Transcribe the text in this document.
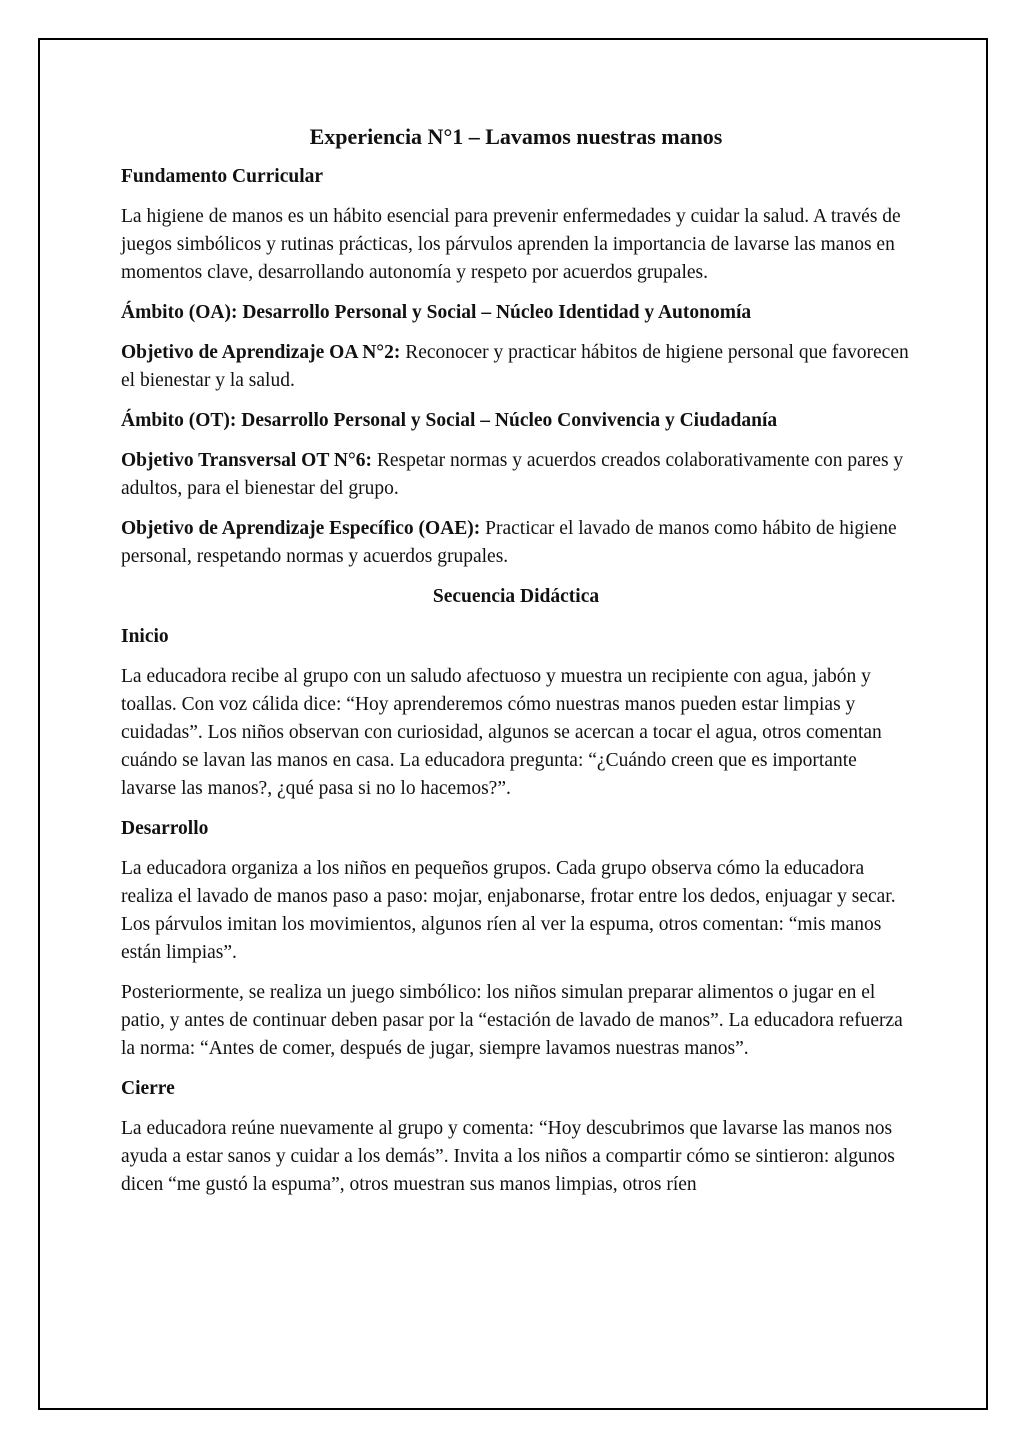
Experiencia N°1 – Lavamos nuestras manos
Fundamento Curricular
La higiene de manos es un hábito esencial para prevenir enfermedades y cuidar la salud. A través de juegos simbólicos y rutinas prácticas, los párvulos aprenden la importancia de lavarse las manos en momentos clave, desarrollando autonomía y respeto por acuerdos grupales.
Ámbito (OA): Desarrollo Personal y Social – Núcleo Identidad y Autonomía
Objetivo de Aprendizaje OA N°2: Reconocer y practicar hábitos de higiene personal que favorecen el bienestar y la salud.
Ámbito (OT): Desarrollo Personal y Social – Núcleo Convivencia y Ciudadanía
Objetivo Transversal OT N°6: Respetar normas y acuerdos creados colaborativamente con pares y adultos, para el bienestar del grupo.
Objetivo de Aprendizaje Específico (OAE): Practicar el lavado de manos como hábito de higiene personal, respetando normas y acuerdos grupales.
Secuencia Didáctica
Inicio
La educadora recibe al grupo con un saludo afectuoso y muestra un recipiente con agua, jabón y toallas. Con voz cálida dice: “Hoy aprenderemos cómo nuestras manos pueden estar limpias y cuidadas”. Los niños observan con curiosidad, algunos se acercan a tocar el agua, otros comentan cuándo se lavan las manos en casa. La educadora pregunta: “¿Cuándo creen que es importante lavarse las manos?, ¿qué pasa si no lo hacemos?”.
Desarrollo
La educadora organiza a los niños en pequeños grupos. Cada grupo observa cómo la educadora realiza el lavado de manos paso a paso: mojar, enjabonarse, frotar entre los dedos, enjuagar y secar. Los párvulos imitan los movimientos, algunos ríen al ver la espuma, otros comentan: “mis manos están limpias”.
Posteriormente, se realiza un juego simbólico: los niños simulan preparar alimentos o jugar en el patio, y antes de continuar deben pasar por la “estación de lavado de manos”. La educadora refuerza la norma: “Antes de comer, después de jugar, siempre lavamos nuestras manos”.
Cierre
La educadora reúne nuevamente al grupo y comenta: “Hoy descubrimos que lavarse las manos nos ayuda a estar sanos y cuidar a los demás”. Invita a los niños a compartir cómo se sintieron: algunos dicen “me gustó la espuma”, otros muestran sus manos limpias, otros ríen
